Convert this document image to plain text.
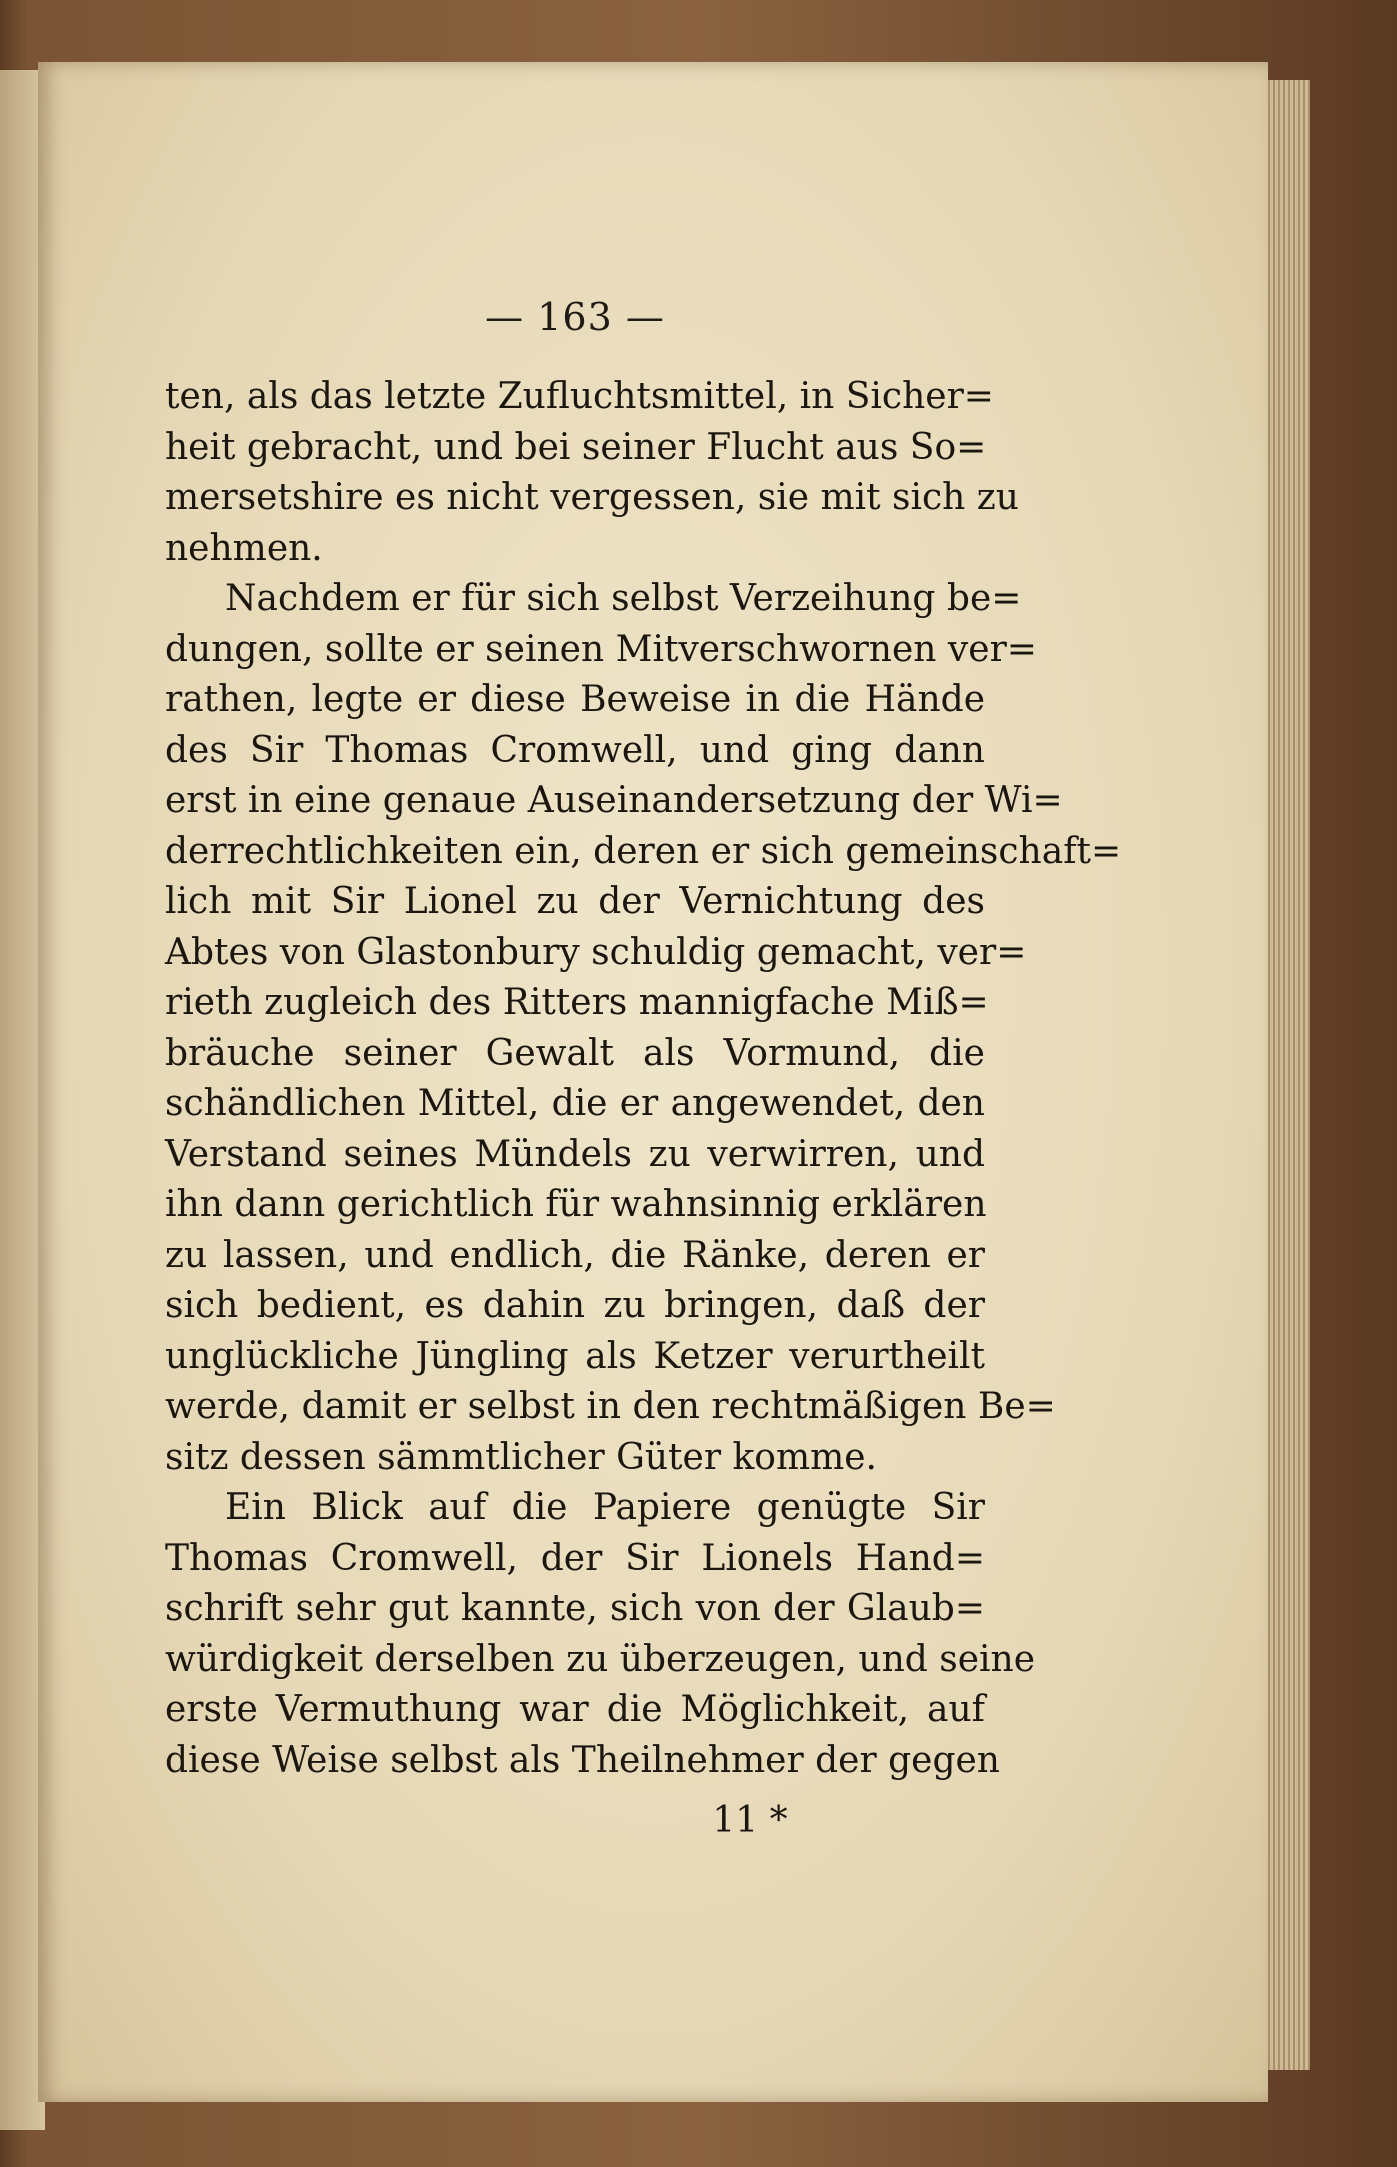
— 163 —
ten, als das letzte Zufluchtsmittel, in Sicher=
heit gebracht, und bei seiner Flucht aus So=
mersetshire es nicht vergessen, sie mit sich zu
nehmen.
Nachdem er für sich selbst Verzeihung be=
dungen, sollte er seinen Mitverschwornen ver=
rathen, legte er diese Beweise in die Hände
des Sir Thomas Cromwell, und ging dann
erst in eine genaue Auseinandersetzung der Wi=
derrechtlichkeiten ein, deren er sich gemeinschaft=
lich mit Sir Lionel zu der Vernichtung des
Abtes von Glastonbury schuldig gemacht, ver=
rieth zugleich des Ritters mannigfache Miß=
bräuche seiner Gewalt als Vormund, die
schändlichen Mittel, die er angewendet, den
Verstand seines Mündels zu verwirren, und
ihn dann gerichtlich für wahnsinnig erklären
zu lassen, und endlich, die Ränke, deren er
sich bedient, es dahin zu bringen, daß der
unglückliche Jüngling als Ketzer verurtheilt
werde, damit er selbst in den rechtmäßigen Be=
sitz dessen sämmtlicher Güter komme.
Ein Blick auf die Papiere genügte Sir
Thomas Cromwell, der Sir Lionels Hand=
schrift sehr gut kannte, sich von der Glaub=
würdigkeit derselben zu überzeugen, und seine
erste Vermuthung war die Möglichkeit, auf
diese Weise selbst als Theilnehmer der gegen
11 *
